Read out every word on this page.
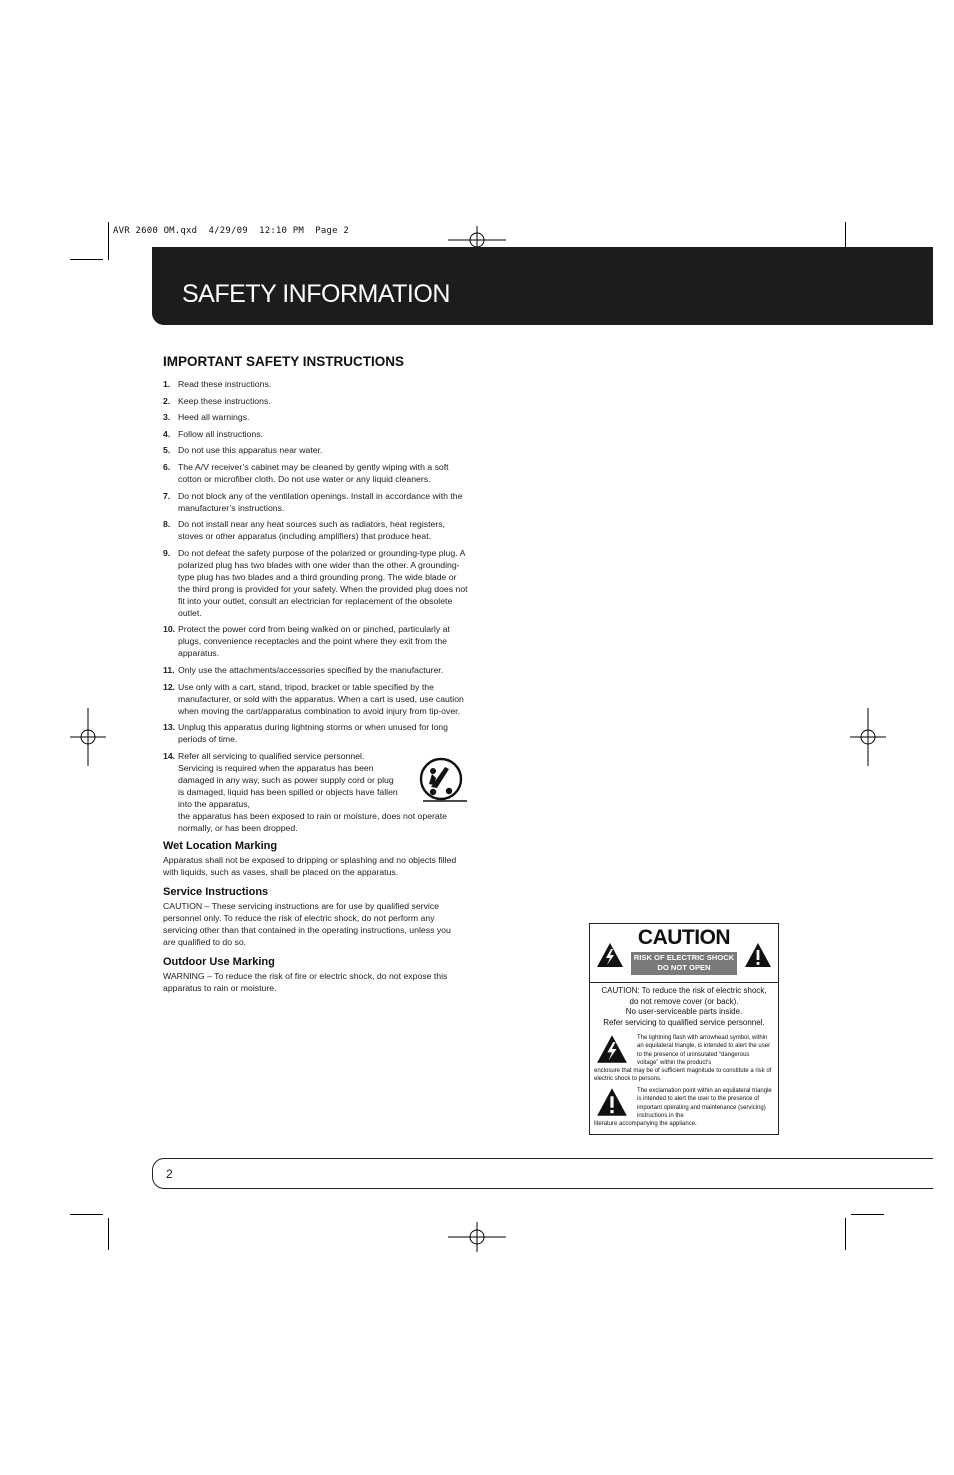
AVR 2600 OM.qxd  4/29/09  12:10 PM  Page 2
SAFETY INFORMATION
IMPORTANT SAFETY INSTRUCTIONS
1. Read these instructions.
2. Keep these instructions.
3. Heed all warnings.
4. Follow all instructions.
5. Do not use this apparatus near water.
6. The A/V receiver’s cabinet may be cleaned by gently wiping with a soft cotton or microfiber cloth. Do not use water or any liquid cleaners.
7. Do not block any of the ventilation openings. Install in accordance with the manufacturer’s instructions.
8. Do not install near any heat sources such as radiators, heat registers, stoves or other apparatus (including amplifiers) that produce heat.
9. Do not defeat the safety purpose of the polarized or grounding-type plug. A polarized plug has two blades with one wider than the other. A grounding-type plug has two blades and a third grounding prong. The wide blade or the third prong is provided for your safety. When the provided plug does not fit into your outlet, consult an electrician for replacement of the obsolete outlet.
10. Protect the power cord from being walked on or pinched, particularly at plugs, convenience receptacles and the point where they exit from the apparatus.
11. Only use the attachments/accessories specified by the manufacturer.
12. Use only with a cart, stand, tripod, bracket or table specified by the manufacturer, or sold with the apparatus. When a cart is used, use caution when moving the cart/apparatus combination to avoid injury from tip-over.
13. Unplug this apparatus during lightning storms or when unused for long periods of time.
14. Refer all servicing to qualified service personnel. Servicing is required when the apparatus has been damaged in any way, such as power supply cord or plug is damaged, liquid has been spilled or objects have fallen into the apparatus,
the apparatus has been exposed to rain or moisture, does not operate normally, or has been dropped.
Wet Location Marking
Apparatus shall not be exposed to dripping or splashing and no objects filled with liquids, such as vases, shall be placed on the apparatus.
Service Instructions
CAUTION – These servicing instructions are for use by qualified service personnel only. To reduce the risk of electric shock, do not perform any servicing other than that contained in the operating instructions, unless you are qualified to do so.
Outdoor Use Marking
WARNING – To reduce the risk of fire or electric shock, do not expose this apparatus to rain or moisture.
CAUTION
RISK OF ELECTRIC SHOCK
DO NOT OPEN
CAUTION: To reduce the risk of electric shock,
do not remove cover (or back).
No user-serviceable parts inside.
Refer servicing to qualified service personnel.
The lightning flash with arrowhead symbol, within an equilateral triangle, is intended to alert the user to the presence of uninsulated “dangerous voltage” within the product’s
enclosure that may be of sufficient magnitude to constitute a risk of electric shock to persons.
The exclamation point within an equilateral triangle is intended to alert the user to the presence of important operating and maintenance (servicing) instructions in the
literature accompanying the appliance.
2
